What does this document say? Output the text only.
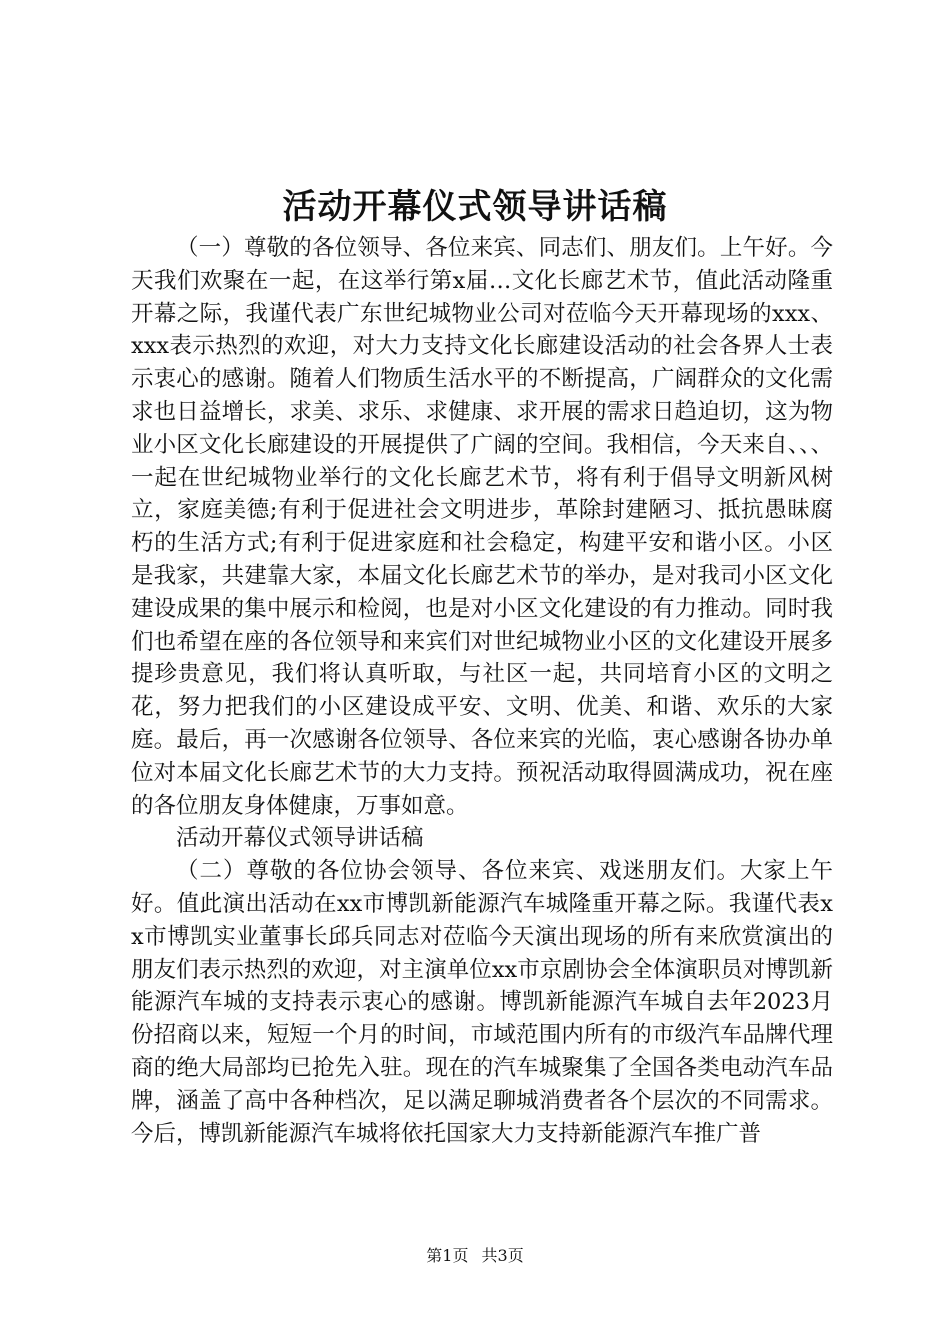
活动开幕仪式领导讲话稿

（一）尊敬的各位领导、各位来宾、同志们、朋友们。上午好。今天我们欢聚在一起，在这举行第x届…文化长廊艺术节，值此活动隆重开幕之际，我谨代表广东世纪城物业公司对莅临今天开幕现场的xxx、xxx表示热烈的欢迎，对大力支持文化长廊建设活动的社会各界人士表示衷心的感谢。随着人们物质生活水平的不断提高，广阔群众的文化需求也日益增长，求美、求乐、求健康、求开展的需求日趋迫切，这为物业小区文化长廊建设的开展提供了广阔的空间。我相信，今天来自、、、一起在世纪城物业举行的文化长廊艺术节，将有利于倡导文明新风树立，家庭美德;有利于促进社会文明进步，革除封建陋习、抵抗愚昧腐朽的生活方式;有利于促进家庭和社会稳定，构建平安和谐小区。小区是我家，共建靠大家，本届文化长廊艺术节的举办，是对我司小区文化建设成果的集中展示和检阅，也是对小区文化建设的有力推动。同时我们也希望在座的各位领导和来宾们对世纪城物业小区的文化建设开展多提珍贵意见，我们将认真听取，与社区一起，共同培育小区的文明之花，努力把我们的小区建设成平安、文明、优美、和谐、欢乐的大家庭。最后，再一次感谢各位领导、各位来宾的光临，衷心感谢各协办单位对本届文化长廊艺术节的大力支持。预祝活动取得圆满成功，祝在座的各位朋友身体健康，万事如意。

活动开幕仪式领导讲话稿

（二）尊敬的各位协会领导、各位来宾、戏迷朋友们。大家上午好。值此演出活动在xx市博凯新能源汽车城隆重开幕之际。我谨代表xx市博凯实业董事长邱兵同志对莅临今天演出现场的所有来欣赏演出的朋友们表示热烈的欢迎，对主演单位xx市京剧协会全体演职员对博凯新能源汽车城的支持表示衷心的感谢。博凯新能源汽车城自去年2023月份招商以来，短短一个月的时间，市域范围内所有的市级汽车品牌代理商的绝大局部均已抢先入驻。现在的汽车城聚集了全国各类电动汽车品牌，涵盖了高中各种档次，足以满足聊城消费者各个层次的不同需求。今后，博凯新能源汽车城将依托国家大力支持新能源汽车推广普

第1页 共3页
